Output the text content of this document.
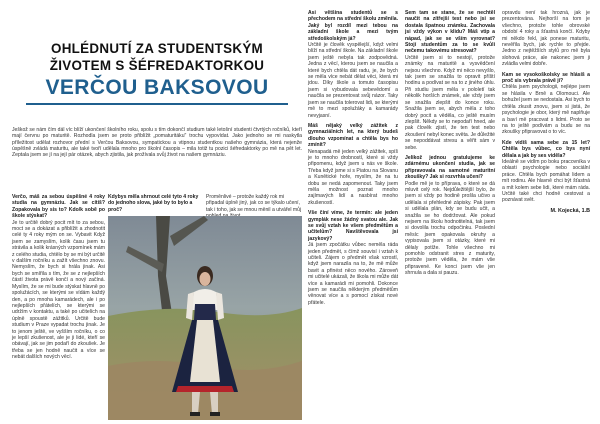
OHLÉDNUTÍ ZA STUDENTSKÝM
ŽIVOTEM S ŠÉFREDAKTORKOU
VERČOU BAKSOVOU

Ješkož se nám čím dál víc blíží ukončení školního roku, spolu s tím dokončí studium také letošní studenti čtvrtých ročníků, kteří mají červnu po maturitě. Rozhodla jsem se proto přiblížit „pomaturitáku" trochu vypovídat. Jako jednoho se mi naskytla příležitost udělat rozhovor přední s Verčou Baksovou, sympatickou a vtipnou studentkou našeho gymnázia, která nejenže úspěšně zvládá maturitu, ale také tvoří udělala mnoho pro školní časopis – mila totiž tu pozici šéfredaktorky po mě na pět let. Zeptala jsem se jí na její pár otázek, abych zjistila, jak prožívala svůj život na našem gymnáziu.

Verčo, máš za sebou úspěšné 4 roky studia na gymnáziu. Jak se cítíš? Zopakovala by sis to? Kdo/k sobě po škole stýskat?

Je to určitě dobrý pocit mít to za sebou, moct se a dokázat a přiblížit a zhodnotit celé ty 4 roky mým on se. Vybavit Když jsem se zamyslím, kolik času jsem tu strávila a kolik krásných vzpomínek mám z celého studia, chtělo by se mi být určitě v dalším ročníku a zažít všechno znovu. Nemyslím, že bych si hrála jinak. Asi bych se smířila s tím, že se z nejlepších částí života právě končí a nový začíná. Myslím, že se mi bude stýskat hlavně po spolužácích, se kterými se vídám každý den, a po mnoha kamarádech, ale i po nejlepších přátelích, se kterými se udržím v kontaktu, a také po učitelích na úplně spoustě zážitků. Určitě bude studium v Praze vypadat trochu jinak. Je to jenom ještě, ve vyšším ročníku, o co je lepší zkušenost, ale je ji lidé, kteří se obávají, jak se jim podaří do zkoušek. Je třeba se jen hodně naučit a více se nebát dalších nových věcí.

Kdybys měla shrnout celé tyto 4 roky do jednoho slova, jaké by to bylo a proč?

Proměnlivé – protože každý rok mi připadal úplně jiný, jak co se týkalo učení, tak i toho, jak se mnou měnil a utvářel můj

Asi většina studentů se s přechodem na střední školu změnila. Jaký byl rozdíl mezi tebou na základní škole a mezi tvým středoškolským já?

Určitě je člověk vyspělejší, když velmi blíží na střední škole. Na základní škole jsem ještě nebyla tak zodpovědná. Jedna z věcí, kterou jsem se naučila a které bych chtěla dát radu, je, že bych se měla více nebát dělat věci, která mi jdou. Díky škole a tomuto časopisu jsem si vybudovala sebevědomí a naučila se prezentovat svůj názor. Taky jsem se naučila tolerovat lidi, se kterými mě to mezi spolužáky a kamarády nevyjasní.

Máš nějaký velký zážitek z gymnaziálních let, na který budeš dlouho vzpomínat a chtěla bys ho zmínit?

Nenapadá mě jeden velký zážitek, spíš je to mnoho drobností, které si vždy připomenu, když jsem u nás ve škole. Třeba když jsme si s Piatou na Slovanu a Kunětické hoře, myslím, že na tu dobu se nedá zapomenout. Taky jsem měla možnost poznat mnoho zajímavých lidí a nasbírat mnoho zkušeností.

Vše činí víme, že termín: ale jeden gymplák nese žádný svatou ale. Jak se svůj vztah ke všem předmětům a učitelům? Navštěvovala jsi jazykový?

Já jsem zpočátku vůbec neměla ráda jeden předmět, s čímž souvisí i vztah k učiteli. Zájem o předmět však vzrostl, když jsem narazila na to, že mě může bavit a přinést něco nového. Zároveň mi učitelé ukázali, že škola mi může dát více a kamarádi mi pomohli. Dokonce jsem se naučila některým předmětům věnovat více a s pomocí získat nové přátele.

Sem tam se stane, že se nechtěl naučit na zítřejší test nebo jsi se dostala špatnou známku. Zachovala jsi vždy výkon v klidu? Máš vtip a nápad, jak se se vším vyrovnat? Stojí studentům za to se kvůli nečemu takovému stresovat?

Určitě jsem si to nestojí, protože známky na maturitě a vysvědčení nejsou všechno. Když mi něco nevyšlo, tak jsem se snažila to opravit příští hodinu a podívat se na to z jiného úhlu. Při studiu jsem měla v pololetí tak několik horších známek, ale vždy jsem se snažila zlepšit do konce roku. Snažila jsem se, abych měla z toho dobrý pocit a věděla, co ještě musím zlepšit. Někdy se to nepodaří hned, ale pak člověk zjistí, že ten test nebo zkoušení nebyl konec světa. Je důležité se nepoddávat stresu a věřit sám v sebe.

Jelikož jednou gratulujeme ke zdárnému ukončení studia, jak se připravovala na samotné maturitní zkoušky? Jak si rozvrhla učení?

Podle mě je to příprava, o které se dá mluvit celý rok. Nejdůležitější bylo, že jsem si vždy po hodině prošla učivo a udělala si přehledné zápisky. Pak jsem si udělala plán, kdy se budu učit, a snažila se ho dodržovat. Ale pokud nejsem na školu hodnotitelná, tak jsem si dovolila trochu odpočinku. Poslední měsíc jsem opakovala okruhy a vypisovala jsem si otázky, které mi dělaly potíže. Tohle všechno mi pomohlo odstranit stres z maturity, protože jsem věděla, že mám vše připravené. Ke konci jsem vše jen shrnula a dala si pauzu.

opravdu není tak hrozná, jak je prezentována. Nejhorší na tom je všechno, protože tohle obrovské období 4 roky a šťastná končí. Kdyby mi někdo řekl, jak ponese maturitu, nevěřila bych, jak rychle to přejde. Jedno z nejtěžších stylů pro mě byla slohová práce, ale nakonec jsem ji zvládla velmi dobře.

Kam se vysokoškolsky se hlásíš a proč sis vybrala právě ji?

Chtěla jsem psychologii, nejlépe jsem se hlásila v Brně a Olomouci. Ale bohužel jsem se nedostala. Asi bych to chtěla zkusit znovu, jsem si jistá, že psychologie je obor, který mě naplňuje a baví mě pracovat s lidmi. Proto se na to ještě podívám a budu se na zkoušky připravovat o to víc.

Kde vidíš sama sebe za 15 let? Chtěla bys vůbec, co bys nyní dělala a jak by ses viděla?

Ideálně se vidím po boku pracovníka v oblasti psychologie nebo sociální práce. Chtěla bych pomáhat lidem a mít rodinu. Ale hlavně chci být šťastná a mít kolem sebe lidi, které mám ráda. Určitě také chci hodně cestovat a poznávat svět.

M. Kojecká, 1.B
